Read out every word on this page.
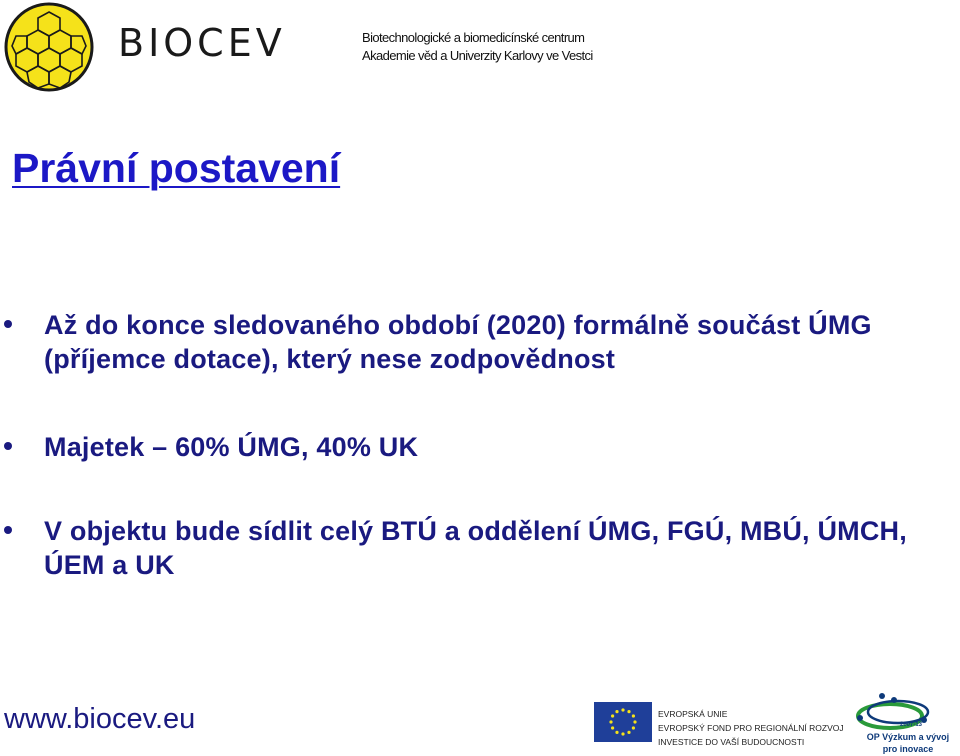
BIOCEV	Biotechnologické a biomedicínské centrum
Akademie věd a Univerzity Karlovy ve Vestci
Právní postavení
Až do konce sledovaného období (2020) formálně součást ÚMG (příjemce dotace), který nese zodpovědnost
Majetek – 60% ÚMG, 40% UK
V objektu bude sídlit celý BTÚ a oddělení ÚMG, FGÚ, MBÚ, ÚMCH, ÚEM a UK
www.biocev.eu	EVROPSKÁ UNIE
EVROPSKÝ FOND PRO REGIONÁLNÍ ROZVOJ
INVESTICE DO VAŠÍ BUDOUCNOSTI
2007-13
OP Výzkum a vývoj
pro inovace
